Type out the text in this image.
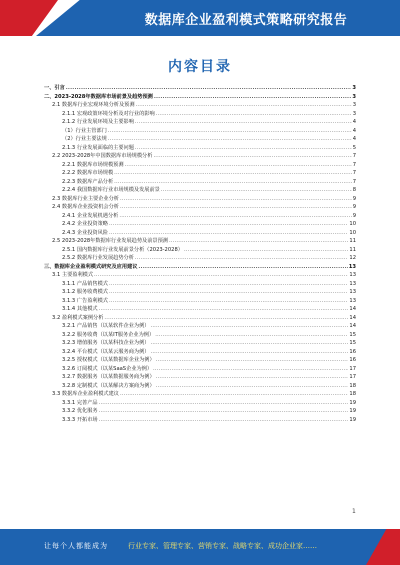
数据库企业盈利模式策略研究报告
内容目录
一、引言 .....	3
二、2023-2028年数据库市场前景及趋势预测 .....	3
2.1 数据库行业宏观环境分析及预测 .....	3
2.1.1 宏观政策环境分析及对行业的影响 .....	3
2.1.2 行业发展环境及主要影响 .....	4
（1）行业主管部门 .....	4
（2）行业主要法规 .....	4
2.1.3 行业发展面临的主要问题 .....	5
2.2 2023-2028年中国数据库市场规模分析 .....	7
2.2.1 数据库市场规模预测 .....	7
2.2.2 数据库市场规模 .....	7
2.2.3 数据库产品分析 .....	7
2.2.4 我国数据库行业市场规模及发展前景 .....	8
2.3 数据库行业主要企业分析 .....	9
2.4 数据库企业投资机会分析 .....	9
2.4.1 企业发展机遇分析 .....	9
2.4.2 企业投资策略 .....	10
2.4.3 企业投资风险 .....	10
2.5 2023-2028年数据库行业发展趋势及前景预测 .....	11
2.5.1 国内数据库行业发展前景分析（2023-2028） .....	11
2.5.2 数据库行业发展趋势分析 .....	12
三、数据库企业盈利模式研究及应用建议 .....	13
3.1 主要盈利模式 .....	13
3.1.1 产品销售模式 .....	13
3.1.2 服务收费模式 .....	13
3.1.3 广告盈利模式 .....	13
3.1.4 其他模式 .....	14
3.2 盈利模式案例分析 .....	14
3.2.1 产品销售（以某软件企业为例） .....	14
3.2.2 服务收费（以某IT服务企业为例） .....	15
3.2.3 增值服务（以某科技企业为例） .....	15
3.2.4 平台模式（以某云服务商为例） .....	16
3.2.5 授权模式（以某数据库企业为例） .....	16
3.2.6 订阅模式（以某SaaS企业为例） .....	17
3.2.7 数据服务（以某数据服务商为例） .....	17
3.2.8 定制模式（以某解决方案商为例） .....	18
3.3 数据库企业盈利模式建议 .....	18
3.3.1 完善产品 .....	19
3.3.2 优化服务 .....	19
3.3.3 开拓市场 .....	19
1
让每个人都能成为	行业专家、管理专家、营销专家、战略专家、成功企业家……
